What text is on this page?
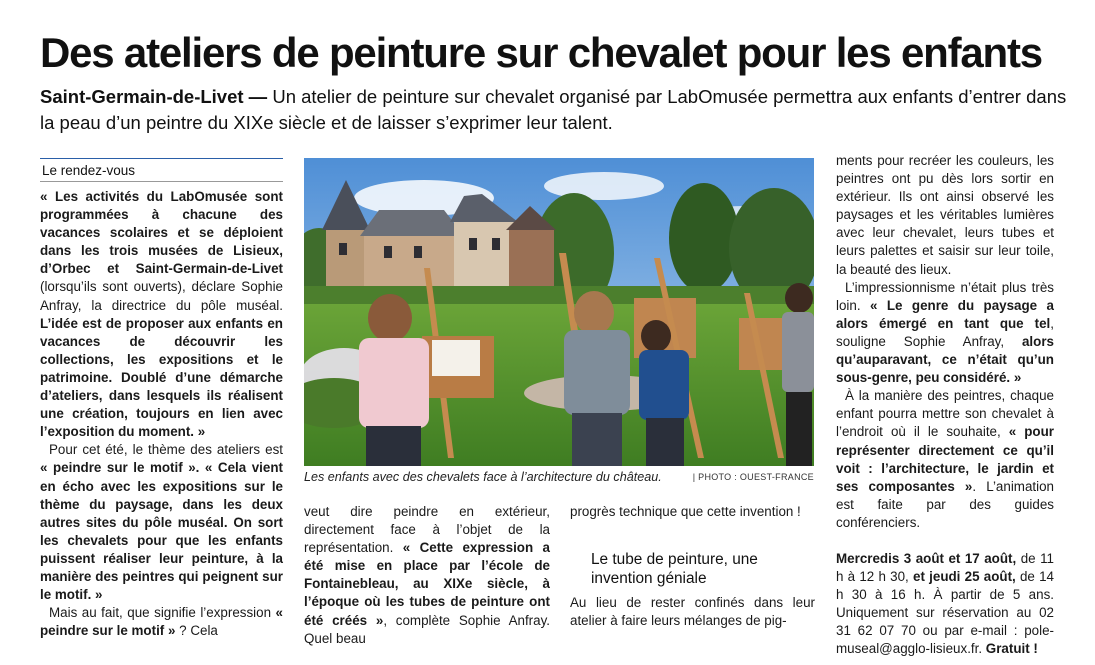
Des ateliers de peinture sur chevalet pour les enfants

Saint-Germain-de-Livet — Un atelier de peinture sur chevalet organisé par LabOmusée permettra aux enfants d’entrer dans la peau d’un peintre du XIXe siècle et de laisser s’exprimer leur talent.

Le rendez-vous

« Les activités du LabOmusée sont programmées à chacune des vacances scolaires et se déploient dans les trois musées de Lisieux, d’Orbec et Saint-Germain-de-Livet (lorsqu’ils sont ouverts), déclare Sophie Anfray, la directrice du pôle muséal. L’idée est de proposer aux enfants en vacances de découvrir les collections, les expositions et le patrimoine. Doublé d’une démarche d’ateliers, dans lesquels ils réalisent une création, toujours en lien avec l’exposition du moment. »

Pour cet été, le thème des ateliers est « peindre sur le motif ». « Cela vient en écho avec les expositions sur le thème du paysage, dans les deux autres sites du pôle muséal. On sort les chevalets pour que les enfants puissent réaliser leur peinture, à la manière des peintres qui peignent sur le motif. »

Mais au fait, que signifie l’expression « peindre sur le motif » ? Cela

Les enfants avec des chevalets face à l’architecture du château.	| PHOTO : OUEST-FRANCE

veut dire peindre en extérieur, directement face à l’objet de la représentation. « Cette expression a été mise en place par l’école de Fontainebleau, au XIXe siècle, à l’époque où les tubes de peinture ont été créés », complète Sophie Anfray. Quel beau

progrès technique que cette invention !

Le tube de peinture, une invention géniale

Au lieu de rester confinés dans leur atelier à faire leurs mélanges de pig-

ments pour recréer les couleurs, les peintres ont pu dès lors sortir en extérieur. Ils ont ainsi observé les paysages et les véritables lumières avec leur chevalet, leurs tubes et leurs palettes et saisir sur leur toile, la beauté des lieux.

L’impressionnisme n’était plus très loin. « Le genre du paysage a alors émergé en tant que tel, souligne Sophie Anfray, alors qu’auparavant, ce n’était qu’un sous-genre, peu considéré. »

À la manière des peintres, chaque enfant pourra mettre son chevalet à l’endroit où il le souhaite, « pour représenter directement ce qu’il voit : l’architecture, le jardin et ses composantes ». L’animation est faite par des guides conférenciers.

Mercredis 3 août et 17 août, de 11 h à 12 h 30, et jeudi 25 août, de 14 h 30 à 16 h. À partir de 5 ans. Uniquement sur réservation au 02 31 62 07 70 ou par e-mail : pole-museal@agglo-lisieux.fr. Gratuit !
